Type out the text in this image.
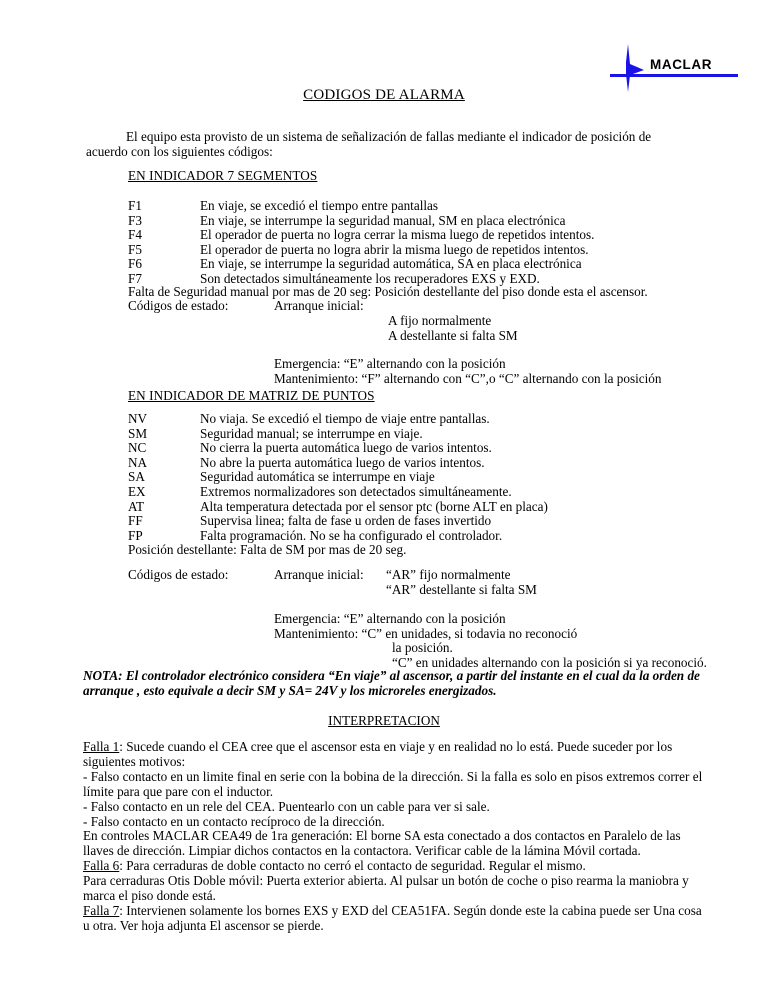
MACLAR
CODIGOS DE ALARMA
El equipo esta provisto de un sistema de señalización de fallas mediante el indicador de posición de acuerdo con los siguientes códigos:
EN INDICADOR 7 SEGMENTOS
F1	En viaje, se excedió el tiempo entre pantallas
F3	En viaje, se interrumpe la seguridad manual, SM en placa electrónica
F4	El operador de puerta no logra cerrar la misma luego de repetidos intentos.
F5	El operador de puerta no logra abrir la misma luego de repetidos intentos.
F6	En viaje, se interrumpe la seguridad automática, SA en placa electrónica
F7	Son detectados simultáneamente los recuperadores EXS y EXD.
Falta de Seguridad manual por mas de 20 seg: Posición destellante del piso donde esta el ascensor.
Códigos de estado:	Arranque inicial:
A fijo normalmente
A destellante si falta SM
Emergencia: “E” alternando con la posición
Mantenimiento: “F” alternando con “C”,o “C” alternando con la posición
EN INDICADOR DE MATRIZ DE PUNTOS
NV	No viaja. Se excedió el tiempo de viaje entre pantallas.
SM	Seguridad manual; se interrumpe en viaje.
NC	No cierra la puerta automática luego de varios intentos.
NA	No abre la puerta automática luego de varios intentos.
SA	Seguridad automática se interrumpe en viaje
EX	Extremos normalizadores son detectados simultáneamente.
AT	Alta temperatura detectada por el sensor ptc (borne ALT en placa)
FF	Supervisa linea; falta de fase u orden de fases invertido
FP	Falta programación. No se ha configurado el controlador.
Posición destellante: Falta de SM por mas de 20 seg.
Códigos de estado:	Arranque inicial: “AR” fijo normalmente
“AR” destellante si falta SM
Emergencia: “E” alternando con la posición
Mantenimiento: “C” en unidades, si todavia no reconoció
la posición.
“C” en unidades alternando con la posición si ya reconoció.
NOTA: El controlador electrónico considera “En viaje” al ascensor, a partir del instante en el cual da la orden de arranque , esto equivale a decir SM y SA= 24V y los microreles energizados.
INTERPRETACION
Falla 1: Sucede cuando el CEA cree que el ascensor esta en viaje y en realidad no lo está. Puede suceder por los siguientes motivos:
- Falso contacto en un limite final en serie con la bobina de la dirección. Si la falla es solo en pisos extremos correr el límite para que pare con el inductor.
- Falso contacto en un rele del CEA. Puentearlo con un cable para ver si sale.
- Falso contacto en un contacto recíproco de la dirección.
En controles MACLAR CEA49 de 1ra generación: El borne SA esta conectado a dos contactos en Paralelo de las llaves de dirección. Limpiar dichos contactos en la contactora. Verificar cable de la lámina Móvil cortada.
Falla 6: Para cerraduras de doble contacto no cerró el contacto de seguridad. Regular el mismo.
Para cerraduras Otis Doble móvil: Puerta exterior abierta. Al pulsar un botón de coche o piso rearma la maniobra y marca el piso donde está.
Falla 7: Intervienen solamente los bornes EXS y EXD del CEA51FA. Según donde este la cabina puede ser Una cosa u otra. Ver hoja adjunta El ascensor se pierde.
